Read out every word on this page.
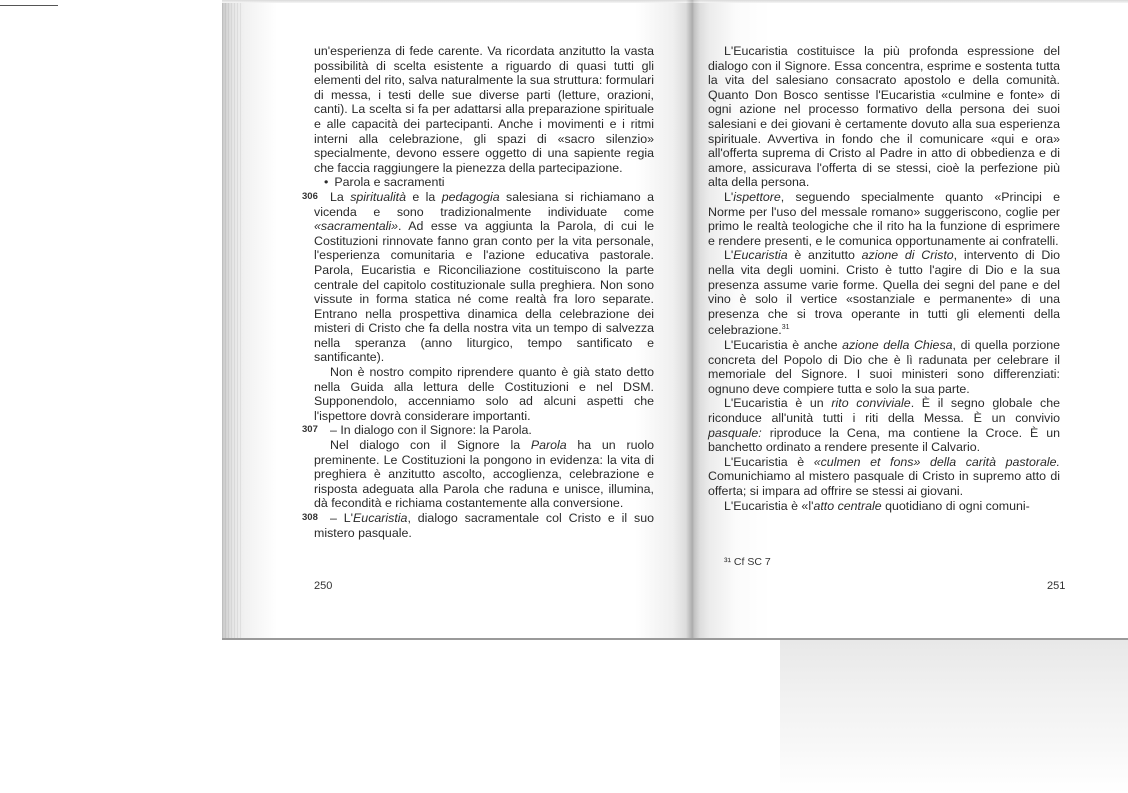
un'esperienza di fede carente. Va ricordata anzitutto la vasta possibilità di scelta esistente a riguardo di quasi tutti gli elementi del rito, salva naturalmente la sua struttura: formulari di messa, i testi delle sue diverse parti (letture, orazioni, canti). La scelta si fa per adattarsi alla preparazione spirituale e alle capacità dei partecipanti. Anche i movimenti e i ritmi interni alla celebrazione, gli spazi di «sacro silenzio» specialmente, devono essere oggetto di una sapiente regia che faccia raggiungere la pienezza della partecipazione.

• Parola e sacramenti

306 La spiritualità e la pedagogia salesiana si richiamano a vicenda e sono tradizionalmente individuate come «sacramentali». Ad esse va aggiunta la Parola, di cui le Costituzioni rinnovate fanno gran conto per la vita personale, l'esperienza comunitaria e l'azione educativa pastorale. Parola, Eucaristia e Riconciliazione costituiscono la parte centrale del capitolo costituzionale sulla preghiera. Non sono vissute in forma statica né come realtà fra loro separate. Entrano nella prospettiva dinamica della celebrazione dei misteri di Cristo che fa della nostra vita un tempo di salvezza nella speranza (anno liturgico, tempo santificato e santificante).

Non è nostro compito riprendere quanto è già stato detto nella Guida alla lettura delle Costituzioni e nel DSM. Supponendolo, accenniamo solo ad alcuni aspetti che l'ispettore dovrà considerare importanti.

307 – In dialogo con il Signore: la Parola.

Nel dialogo con il Signore la Parola ha un ruolo preminente. Le Costituzioni la pongono in evidenza: la vita di preghiera è anzitutto ascolto, accoglienza, celebrazione e risposta adeguata alla Parola che raduna e unisce, illumina, dà fecondità e richiama costantemente alla conversione.

308 – L'Eucaristia, dialogo sacramentale col Cristo e il suo mistero pasquale.

250

L'Eucaristia costituisce la più profonda espressione del dialogo con il Signore. Essa concentra, esprime e sostenta tutta la vita del salesiano consacrato apostolo e della comunità. Quanto Don Bosco sentisse l'Eucaristia «culmine e fonte» di ogni azione nel processo formativo della persona dei suoi salesiani e dei giovani è certamente dovuto alla sua esperienza spirituale. Avvertiva in fondo che il comunicare «qui e ora» all'offerta suprema di Cristo al Padre in atto di obbedienza e di amore, assicurava l'offerta di se stessi, cioè la perfezione più alta della persona.

L'ispettore, seguendo specialmente quanto «Principi e Norme per l'uso del messale romano» suggeriscono, coglie per primo le realtà teologiche che il rito ha la funzione di esprimere e rendere presenti, e le comunica opportunamente ai confratelli.

L'Eucaristia è anzitutto azione di Cristo, intervento di Dio nella vita degli uomini. Cristo è tutto l'agire di Dio e la sua presenza assume varie forme. Quella dei segni del pane e del vino è solo il vertice «sostanziale e permanente» di una presenza che si trova operante in tutti gli elementi della celebrazione.$^{31}$

L'Eucaristia è anche azione della Chiesa, di quella porzione concreta del Popolo di Dio che è lì radunata per celebrare il memoriale del Signore. I suoi ministeri sono differenziati: ognuno deve compiere tutta e solo la sua parte.

L'Eucaristia è un rito conviviale. È il segno globale che riconduce all'unità tutti i riti della Messa. È un convivio pasquale: riproduce la Cena, ma contiene la Croce. È un banchetto ordinato a rendere presente il Calvario.

L'Eucaristia è «culmen et fons» della carità pastorale. Comunichiamo al mistero pasquale di Cristo in supremo atto di offerta; si impara ad offrire se stessi ai giovani.

L'Eucaristia è «l'atto centrale quotidiano di ogni comuni-

³¹ Cf SC 7
251
